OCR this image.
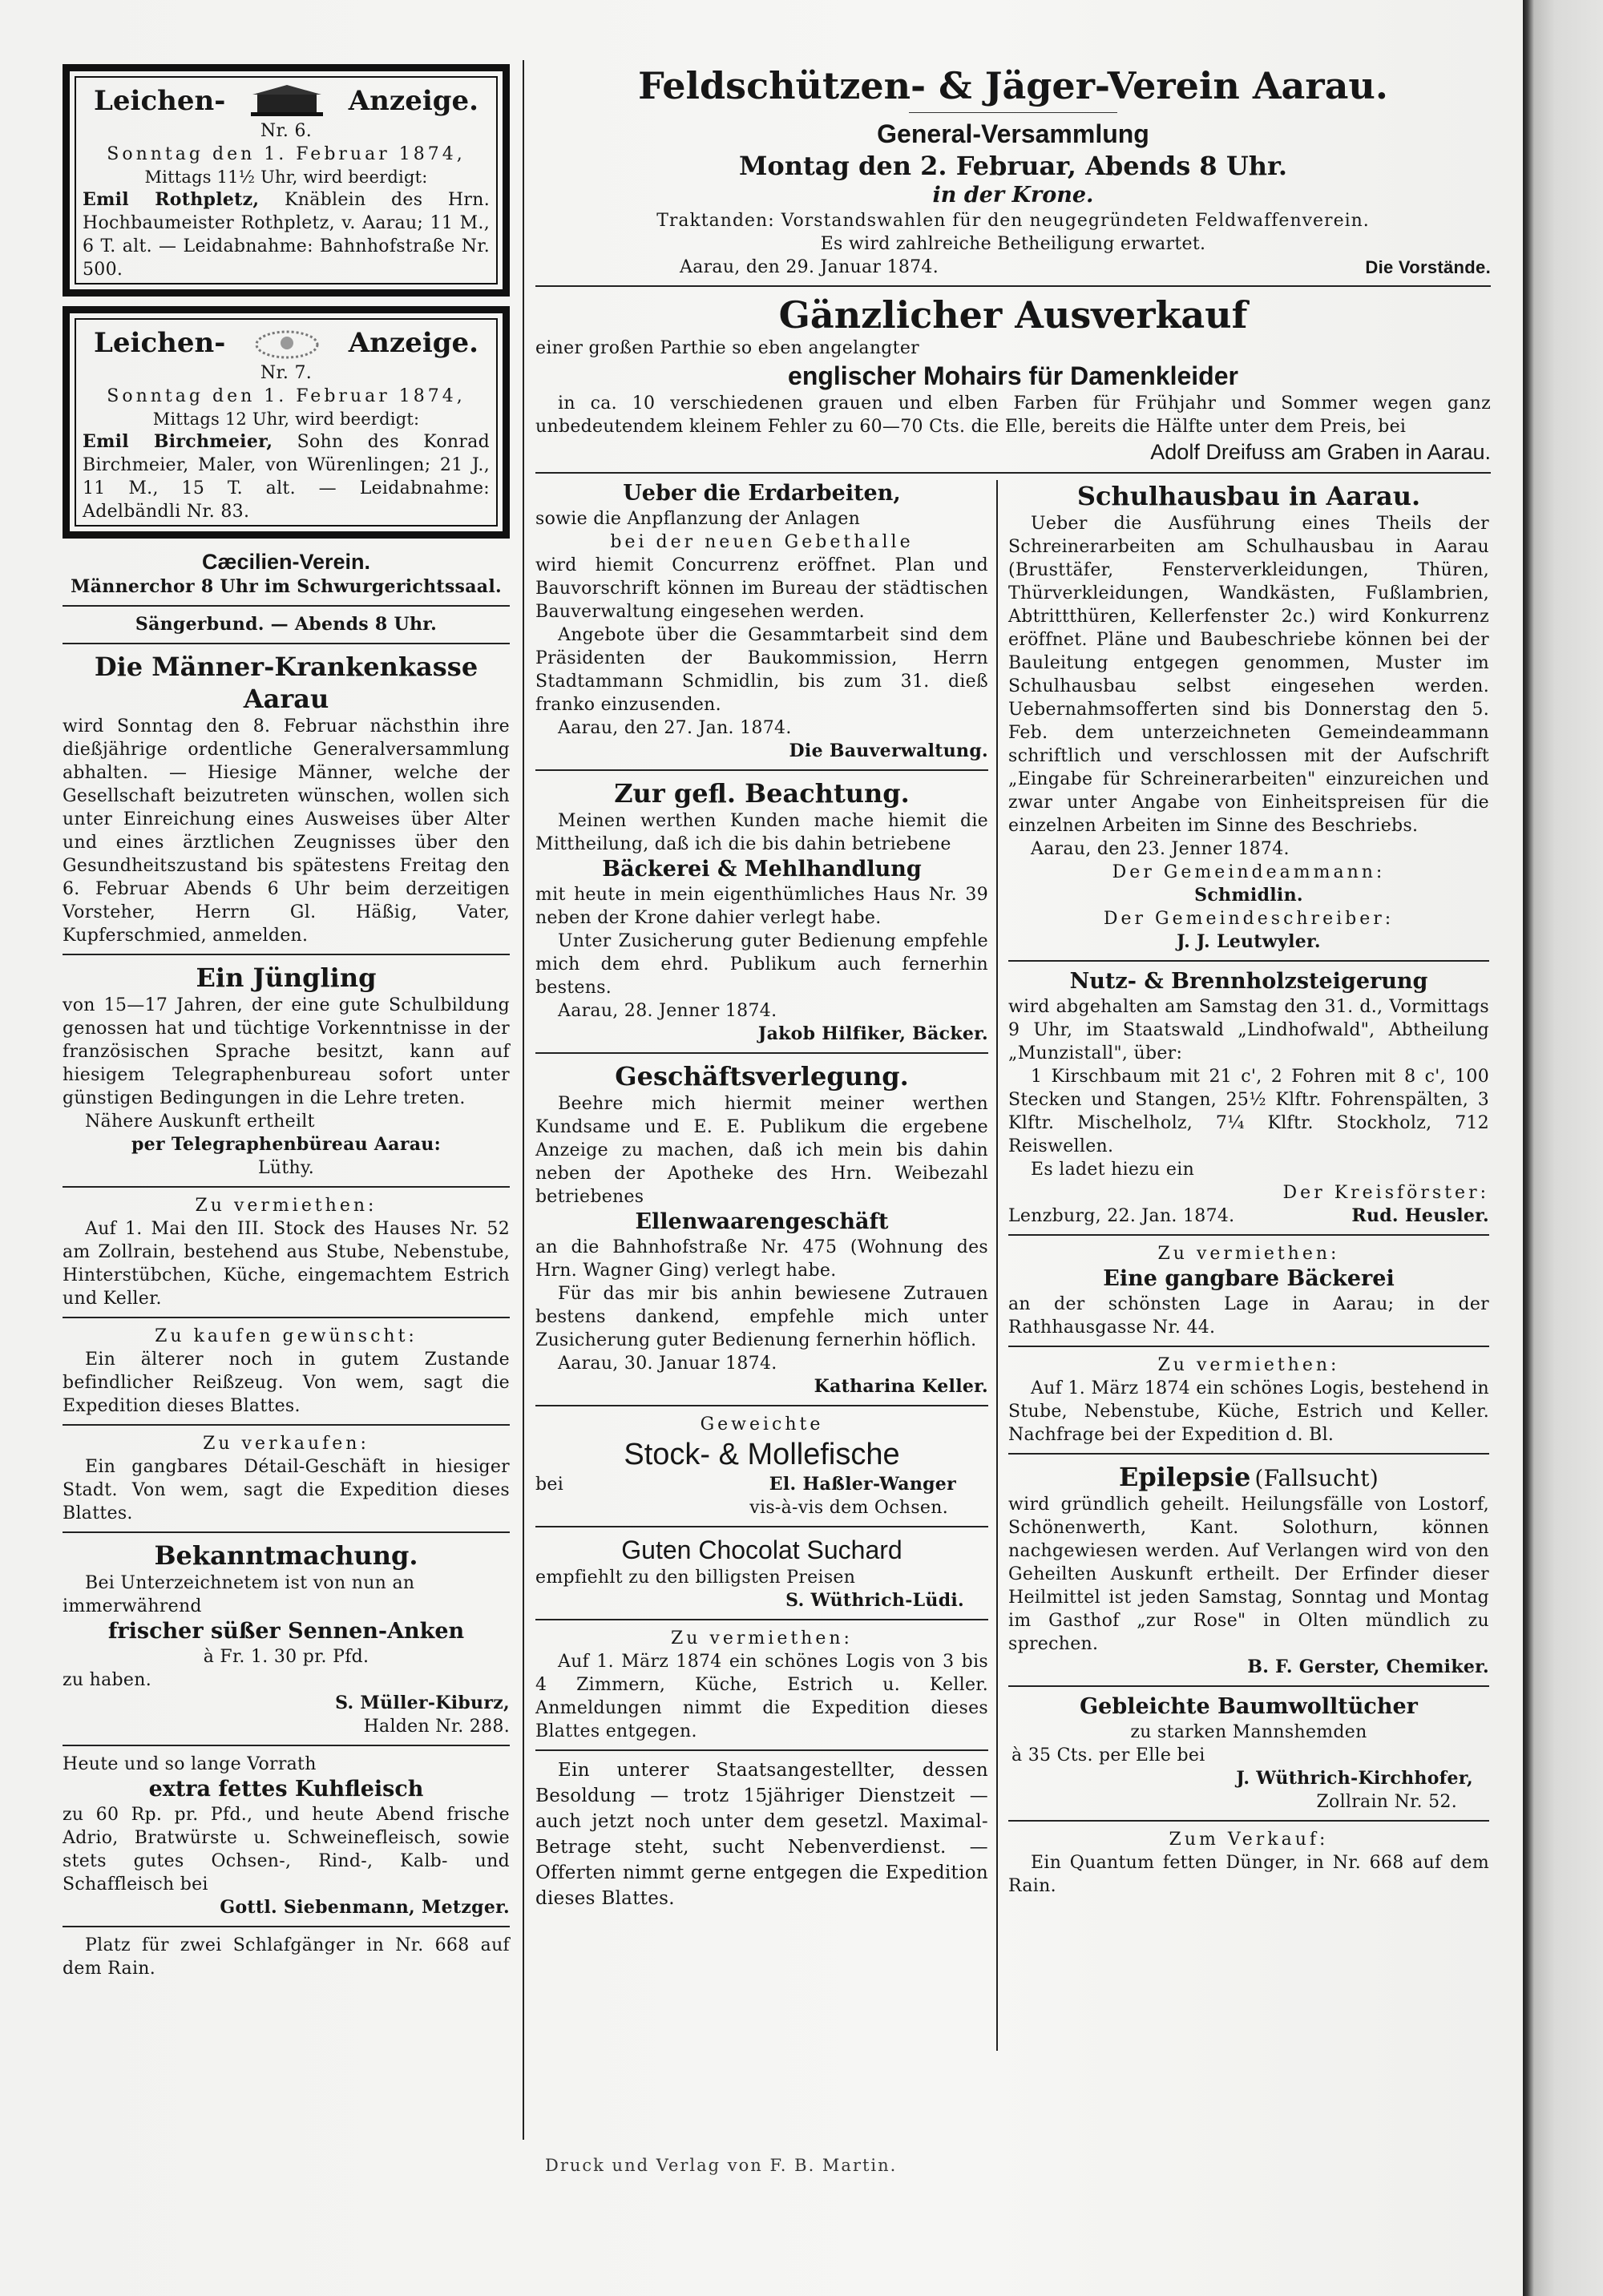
Leichen-	Anzeige.

Nr. 6.

Sonntag den 1. Februar 1874,

Mittags 11½ Uhr, wird beerdigt:

Emil Rothpletz, Knäblein des Hrn. Hochbaumeister Rothpletz, v. Aarau; 11 M., 6 T. alt. — Leidabnahme: Bahnhofstraße Nr. 500.

Leichen-	Anzeige.

Nr. 7.

Sonntag den 1. Februar 1874,

Mittags 12 Uhr, wird beerdigt:

Emil Birchmeier, Sohn des Konrad Birchmeier, Maler, von Würenlingen; 21 J., 11 M., 15 T. alt. — Leidabnahme: Adelbändli Nr. 83.

Cæcilien-Verein.

Männerchor 8 Uhr im Schwurgerichtssaal.

Sängerbund. — Abends 8 Uhr.

Die Männer-Krankenkasse

Aarau

wird Sonntag den 8. Februar nächsthin ihre dießjährige ordentliche Generalversammlung abhalten. — Hiesige Männer, welche der Gesellschaft beizutreten wünschen, wollen sich unter Einreichung eines Ausweises über Alter und eines ärztlichen Zeugnisses über den Gesundheitszustand bis spätestens Freitag den 6. Februar Abends 6 Uhr beim derzeitigen Vorsteher, Herrn Gl. Häßig, Vater, Kupferschmied, anmelden.

Ein Jüngling

von 15—17 Jahren, der eine gute Schulbildung genossen hat und tüchtige Vorkenntnisse in der französischen Sprache besitzt, kann auf hiesigem Telegraphenbureau sofort unter günstigen Bedingungen in die Lehre treten.

Nähere Auskunft ertheilt

per Telegraphenbüreau Aarau:

Lüthy.

Zu vermiethen:

Auf 1. Mai den III. Stock des Hauses Nr. 52 am Zollrain, bestehend aus Stube, Nebenstube, Hinterstübchen, Küche, eingemachtem Estrich und Keller.

Zu kaufen gewünscht:

Ein älterer noch in gutem Zustande befindlicher Reißzeug. Von wem, sagt die Expedition dieses Blattes.

Zu verkaufen:

Ein gangbares Détail-Geschäft in hiesiger Stadt. Von wem, sagt die Expedition dieses Blattes.

Bekanntmachung.

Bei Unterzeichnetem ist von nun an immerwährend

frischer süßer Sennen-Anken

à Fr. 1. 30 pr. Pfd.

zu haben.

S. Müller-Kiburz,

Halden Nr. 288.

Heute und so lange Vorrath

extra fettes Kuhfleisch

zu 60 Rp. pr. Pfd., und heute Abend frische Adrio, Bratwürste u. Schweinefleisch, sowie stets gutes Ochsen-, Rind-, Kalb- und Schaffleisch bei

Gottl. Siebenmann, Metzger.

Platz für zwei Schlafgänger in Nr. 668 auf dem Rain.

Feldschützen- & Jäger-Verein Aarau.

General-Versammlung

Montag den 2. Februar, Abends 8 Uhr.

in der Krone.

Traktanden: Vorstandswahlen für den neugegründeten Feldwaffenverein.

Es wird zahlreiche Betheiligung erwartet.

Aarau, den 29. Januar 1874.	Die Vorstände.

Gänzlicher Ausverkauf

einer großen Parthie so eben angelangter

englischer Mohairs für Damenkleider

in ca. 10 verschiedenen grauen und elben Farben für Frühjahr und Sommer wegen ganz unbedeutendem kleinem Fehler zu 60—70 Cts. die Elle, bereits die Hälfte unter dem Preis, bei

Adolf Dreifuss am Graben in Aarau.

Ueber die Erdarbeiten,

sowie die Anpflanzung der Anlagen

bei der neuen Gebethalle

wird hiemit Concurrenz eröffnet. Plan und Bauvorschrift können im Bureau der städtischen Bauverwaltung eingesehen werden.

Angebote über die Gesammtarbeit sind dem Präsidenten der Baukommission, Herrn Stadtammann Schmidlin, bis zum 31. dieß franko einzusenden.

Aarau, den 27. Jan. 1874.

Die Bauverwaltung.

Zur gefl. Beachtung.

Meinen werthen Kunden mache hiemit die Mittheilung, daß ich die bis dahin betriebene

Bäckerei & Mehlhandlung

mit heute in mein eigenthümliches Haus Nr. 39 neben der Krone dahier verlegt habe.

Unter Zusicherung guter Bedienung empfehle mich dem ehrd. Publikum auch fernerhin bestens.

Aarau, 28. Jenner 1874.

Jakob Hilfiker, Bäcker.

Geschäftsverlegung.

Beehre mich hiermit meiner werthen Kundsame und E. E. Publikum die ergebene Anzeige zu machen, daß ich mein bis dahin neben der Apotheke des Hrn. Weibezahl betriebenes

Ellenwaarengeschäft

an die Bahnhofstraße Nr. 475 (Wohnung des Hrn. Wagner Ging) verlegt habe.

Für das mir bis anhin bewiesene Zutrauen bestens dankend, empfehle mich unter Zusicherung guter Bedienung fernerhin höflich.

Aarau, 30. Januar 1874.

Katharina Keller.

Geweichte

Stock- & Mollefische

bei	El. Haßler-Wanger

vis-à-vis dem Ochsen.

Guten Chocolat Suchard

empfiehlt zu den billigsten Preisen

S. Wüthrich-Lüdi.

Zu vermiethen:

Auf 1. März 1874 ein schönes Logis von 3 bis 4 Zimmern, Küche, Estrich u. Keller. Anmeldungen nimmt die Expedition dieses Blattes entgegen.

Ein unterer Staatsangestellter, dessen Besoldung — trotz 15jähriger Dienstzeit — auch jetzt noch unter dem gesetzl. Maximal-Betrage steht, sucht Nebenverdienst. — Offerten nimmt gerne entgegen die Expedition dieses Blattes.

Schulhausbau in Aarau.

Ueber die Ausführung eines Theils der Schreinerarbeiten am Schulhausbau in Aarau (Brusttäfer, Fensterverkleidungen, Thüren, Thürverkleidungen, Wandkästen, Fußlambrien, Abtrittthüren, Kellerfenster 2c.) wird Konkurrenz eröffnet. Pläne und Baubeschriebe können bei der Bauleitung entgegen genommen, Muster im Schulhausbau selbst eingesehen werden. Uebernahmsofferten sind bis Donnerstag den 5. Feb. dem unterzeichneten Gemeindeammann schriftlich und verschlossen mit der Aufschrift „Eingabe für Schreinerarbeiten" einzureichen und zwar unter Angabe von Einheitspreisen für die einzelnen Arbeiten im Sinne des Beschriebs.

Aarau, den 23. Jenner 1874.

Der Gemeindeammann:

Schmidlin.

Der Gemeindeschreiber:

J. J. Leutwyler.

Nutz- & Brennholzsteigerung

wird abgehalten am Samstag den 31. d., Vormittags 9 Uhr, im Staatswald „Lindhofwald", Abtheilung „Munzistall", über:

1 Kirschbaum mit 21 c', 2 Fohren mit 8 c', 100 Stecken und Stangen, 25½ Klftr. Fohrenspälten, 3 Klftr. Mischelholz, 7¼ Klftr. Stockholz, 712 Reiswellen.

Es ladet hiezu ein

Der Kreisförster:

Lenzburg, 22. Jan. 1874.	Rud. Heusler.

Zu vermiethen:

Eine gangbare Bäckerei

an der schönsten Lage in Aarau; in der Rathhausgasse Nr. 44.

Zu vermiethen:

Auf 1. März 1874 ein schönes Logis, bestehend in Stube, Nebenstube, Küche, Estrich und Keller. Nachfrage bei der Expedition d. Bl.

Epilepsie (Fallsucht)

wird gründlich geheilt. Heilungsfälle von Lostorf, Schönenwerth, Kant. Solothurn, können nachgewiesen werden. Auf Verlangen wird von den Geheilten Auskunft ertheilt. Der Erfinder dieser Heilmittel ist jeden Samstag, Sonntag und Montag im Gasthof „zur Rose" in Olten mündlich zu sprechen.

B. F. Gerster, Chemiker.

Gebleichte Baumwolltücher

zu starken Mannshemden

à 35 Cts. per Elle bei

J. Wüthrich-Kirchhofer,

Zollrain Nr. 52.

Zum Verkauf:

Ein Quantum fetten Dünger, in Nr. 668 auf dem Rain.

Druck und Verlag von F. B. Martin.
